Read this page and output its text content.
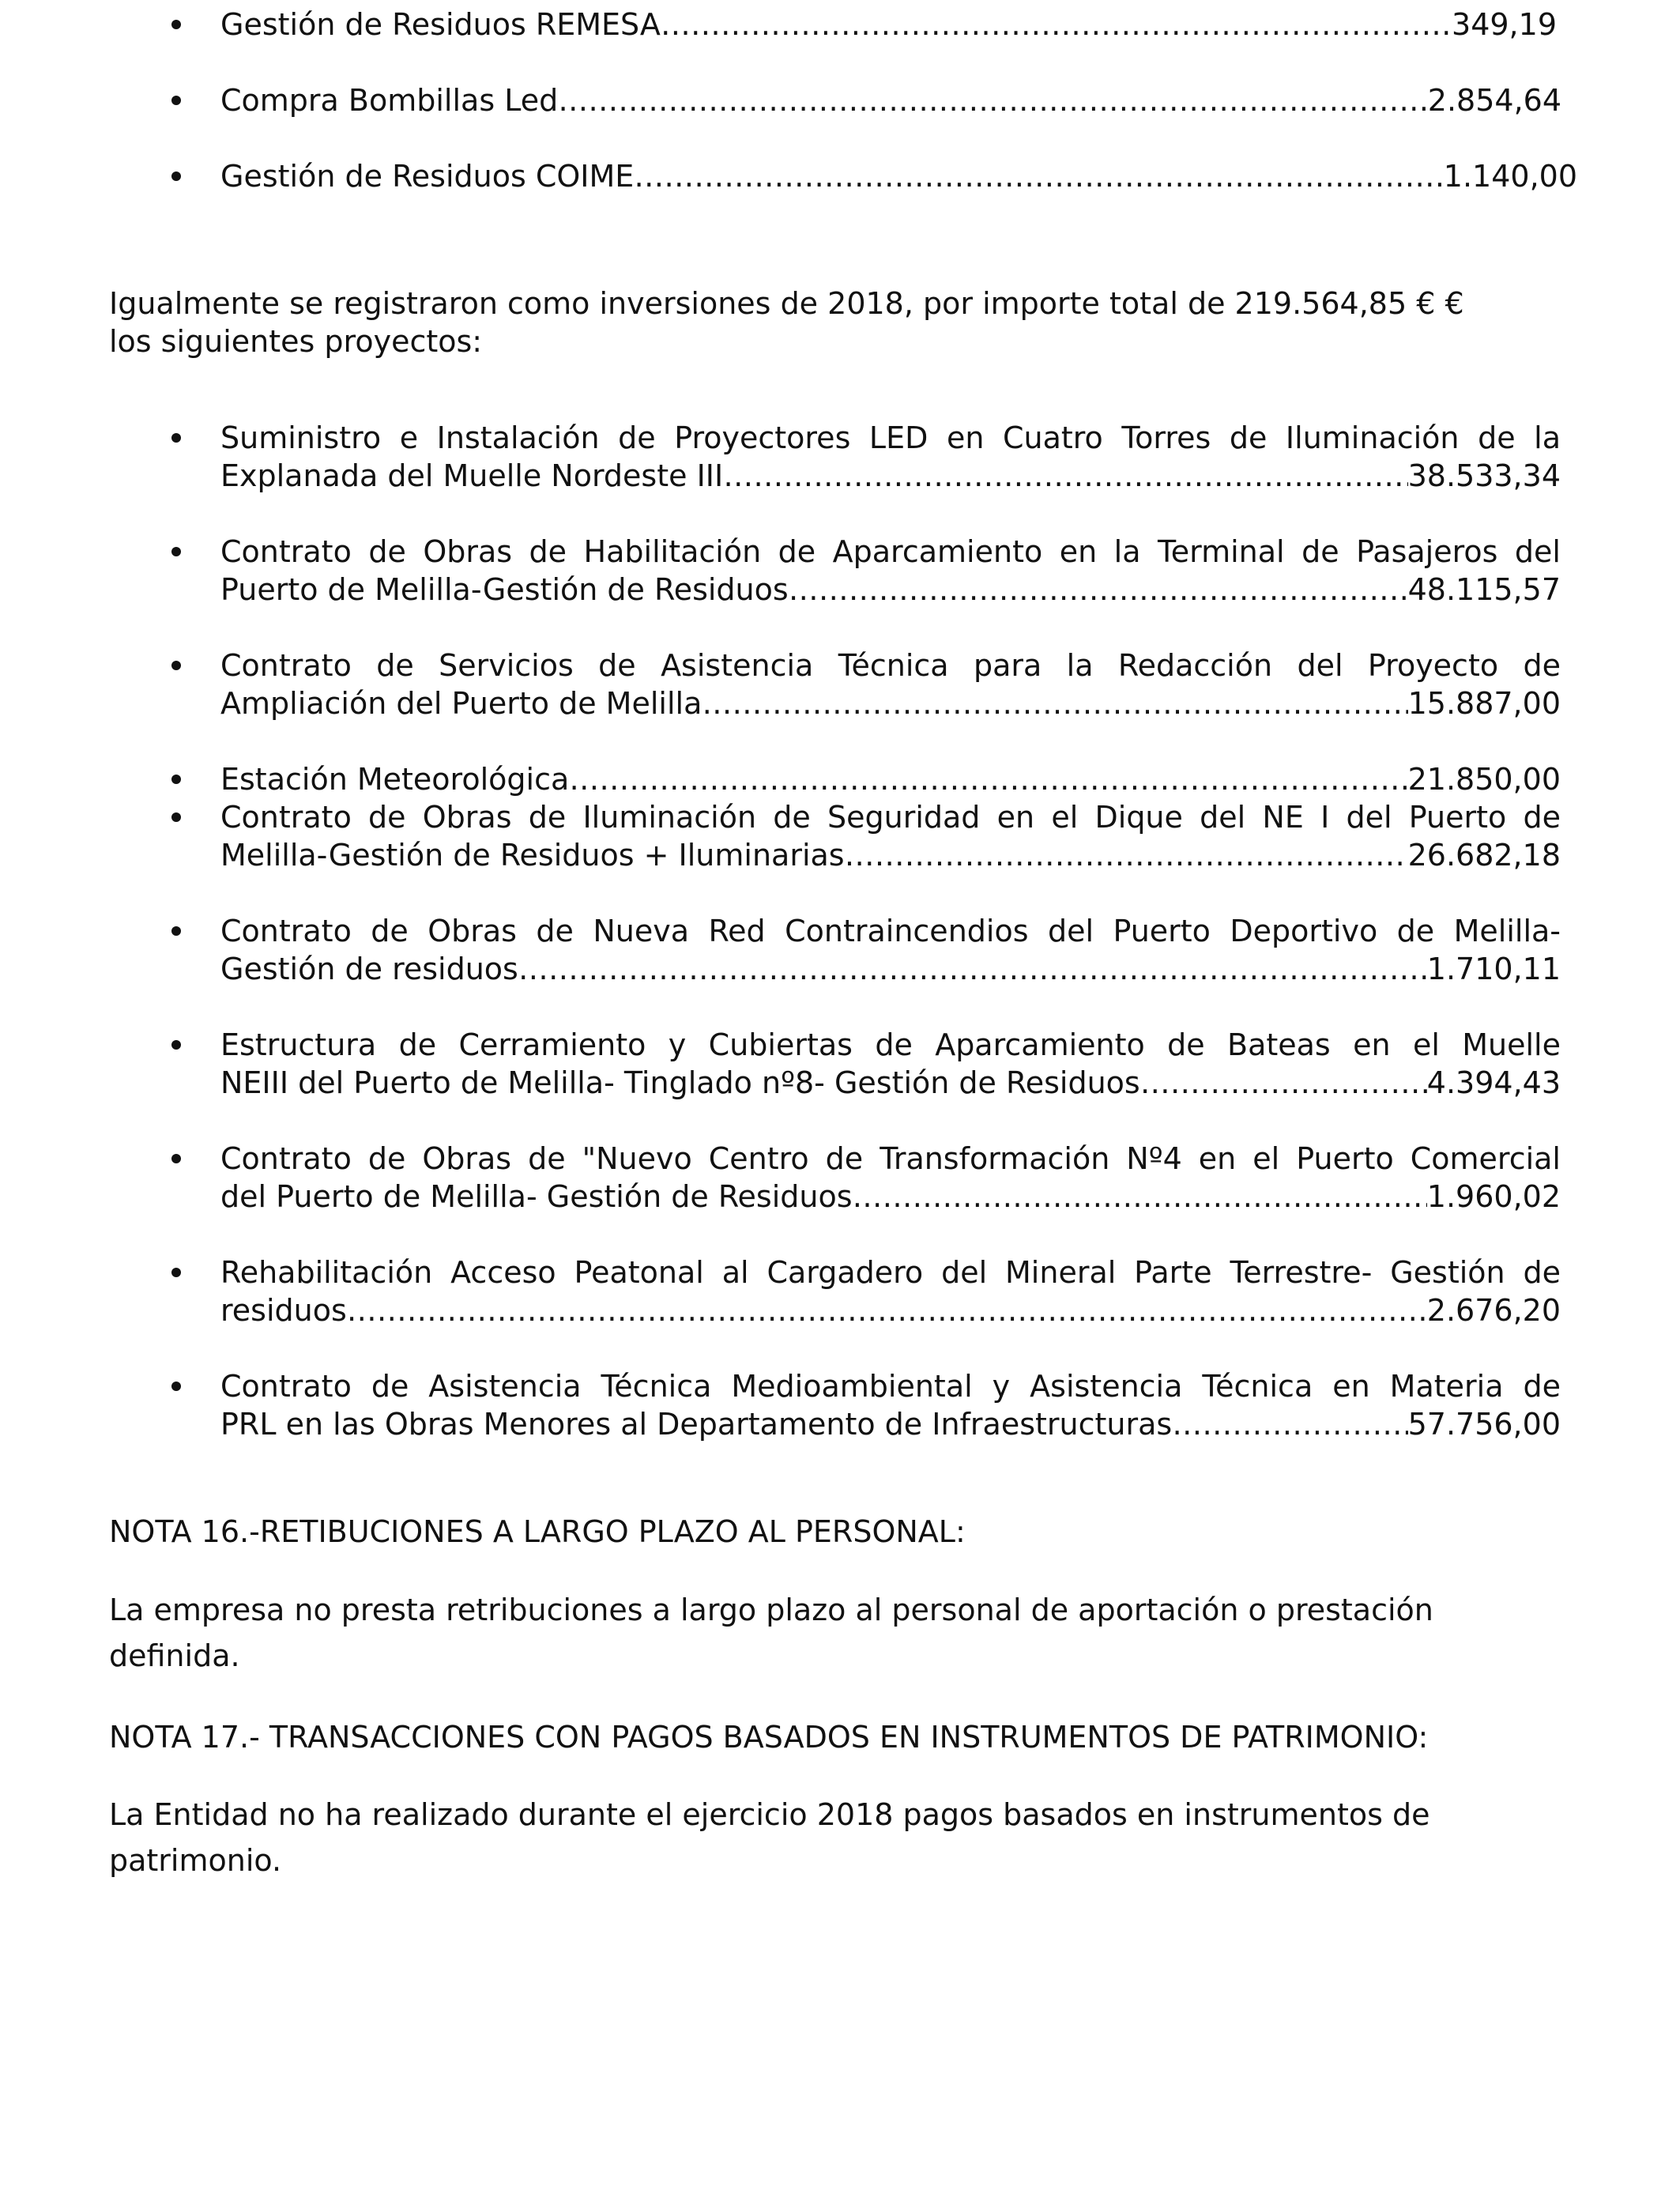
Gestión de Residuos REMESA ………………………………………………………………………………………………………………………………………………………………………………………………	349,19
Compra Bombillas Led ………………………………………………………………………………………………………………………………………………………………………………………………	2.854,64
Gestión de Residuos COIME ………………………………………………………………………………………………………………………………………………………………………………………………	1.140,00
Igualmente se registraron como inversiones de 2018, por importe total de 219.564,85 € €
los siguientes proyectos:
Suministro e Instalación de Proyectores LED en Cuatro Torres de Iluminación de la
Explanada del Muelle Nordeste III ………………………………………………………………………………………………………………………………………………………………………………………………	38.533,34
Contrato de Obras de Habilitación de Aparcamiento en la Terminal de Pasajeros del
Puerto de Melilla-Gestión de Residuos ………………………………………………………………………………………………………………………………………………………………………………………………	48.115,57
Contrato de Servicios de Asistencia Técnica para la Redacción del Proyecto de
Ampliación del Puerto de Melilla ………………………………………………………………………………………………………………………………………………………………………………………………	15.887,00
Estación Meteorológica ………………………………………………………………………………………………………………………………………………………………………………………………	21.850,00
Contrato de Obras de Iluminación de Seguridad en el Dique del NE I del Puerto de
Melilla-Gestión de Residuos + Iluminarias ………………………………………………………………………………………………………………………………………………………………………………………………	26.682,18
Contrato de Obras de Nueva Red Contraincendios del Puerto Deportivo de Melilla-
Gestión de residuos ………………………………………………………………………………………………………………………………………………………………………………………………	1.710,11
Estructura de Cerramiento y Cubiertas de Aparcamiento de Bateas en el Muelle
NEIII del Puerto de Melilla- Tinglado nº8- Gestión de Residuos ………………………………………………………………………………………………………………………………………………………………………………………………	4.394,43
Contrato de Obras de "Nuevo Centro de Transformación Nº4 en el Puerto Comercial
del Puerto de Melilla- Gestión de Residuos ………………………………………………………………………………………………………………………………………………………………………………………………	1.960,02
Rehabilitación Acceso Peatonal al Cargadero del Mineral Parte Terrestre- Gestión de
residuos ………………………………………………………………………………………………………………………………………………………………………………………………	2.676,20
Contrato de Asistencia Técnica Medioambiental y Asistencia Técnica en Materia de
PRL en las Obras Menores al Departamento de Infraestructuras ………………………………………………………………………………………………………………………………………………………………………………………………	57.756,00
NOTA 16.-RETIBUCIONES A LARGO PLAZO AL PERSONAL:
La empresa no presta retribuciones a largo plazo al personal de aportación o prestación
definida.
NOTA 17.- TRANSACCIONES CON PAGOS BASADOS EN INSTRUMENTOS DE PATRIMONIO:
La Entidad no ha realizado durante el ejercicio 2018 pagos basados en instrumentos de
patrimonio.
